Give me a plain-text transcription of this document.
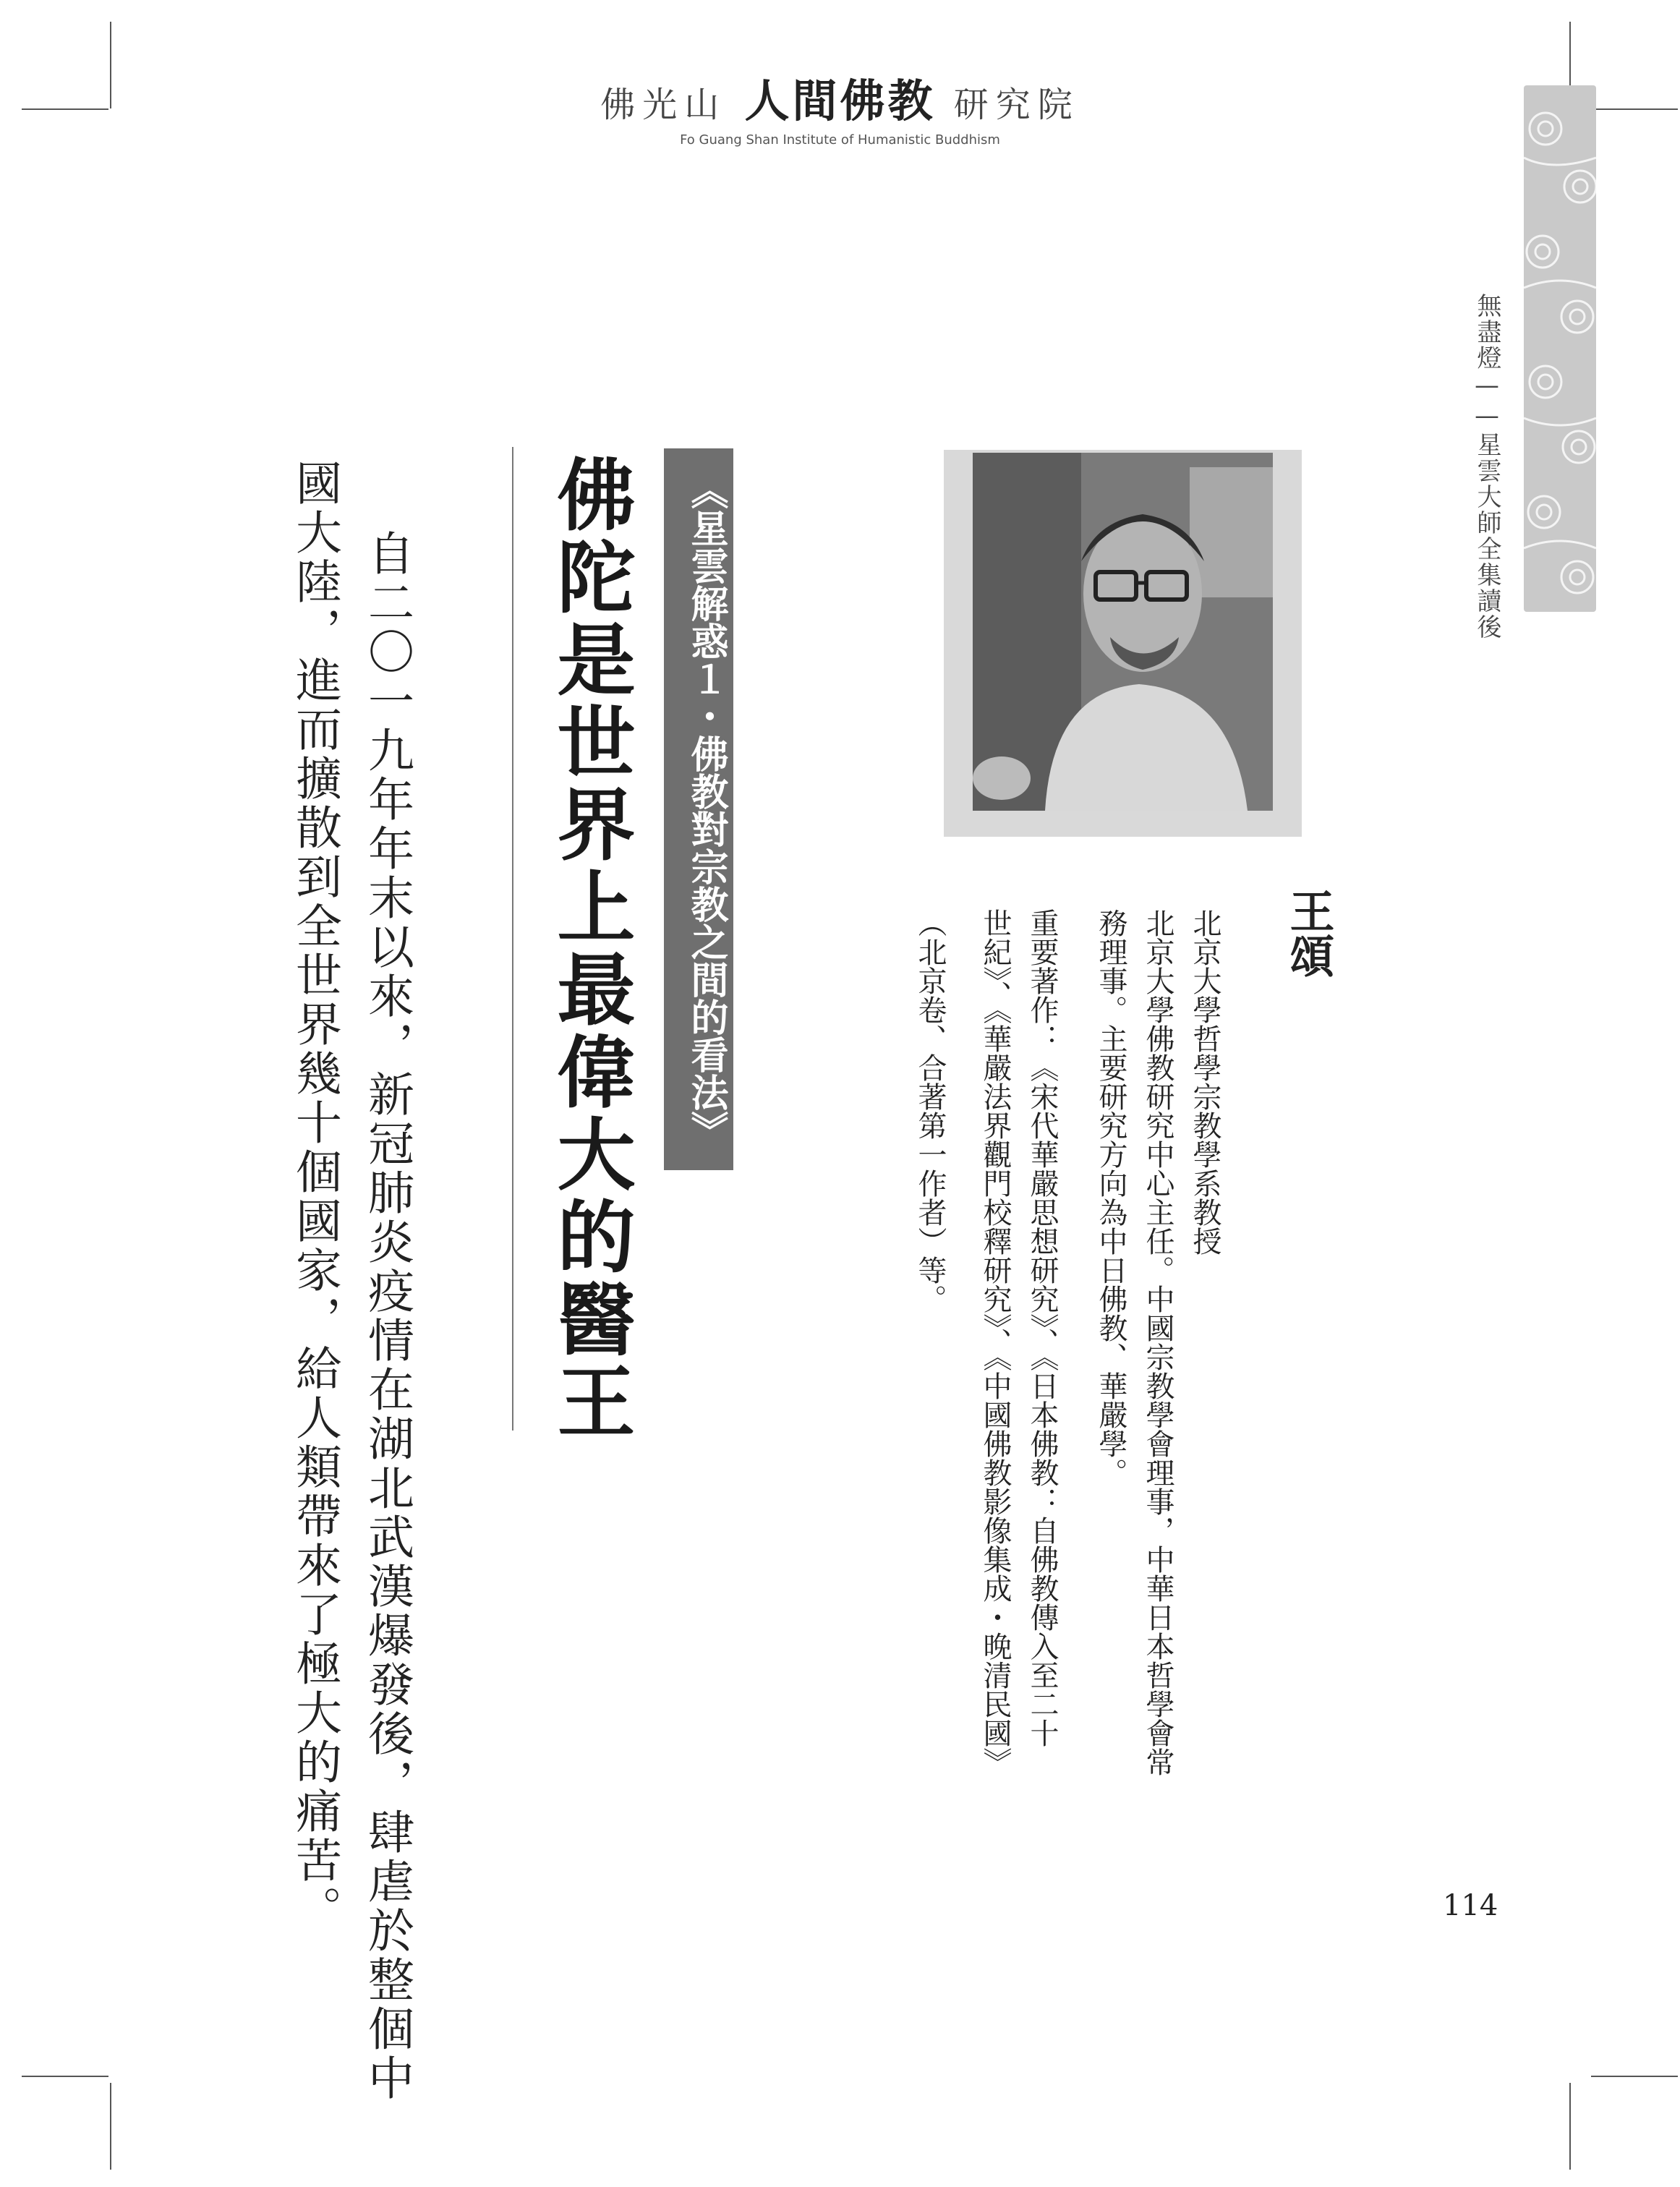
佛光山 人間佛教 研究院
Fo Guang Shan Institute of Humanistic Buddhism
無盡燈——星雲大師全集讀後
王頌
北京大學哲學宗教學系教授
北京大學佛教研究中心主任。中國宗教學會理事，中華日本哲學會常
務理事。主要研究方向為中日佛教、華嚴學。
重要著作：《宋代華嚴思想研究》、《日本佛教：自佛教傳入至二十
世紀》、《華嚴法界觀門校釋研究》、《中國佛教影像集成・晚清民國》
（北京卷、合著第一作者）等。
《星雲解惑１・佛教對宗教之間的看法》
佛陀是世界上最偉大的醫王
自二〇一九年年末以來，新冠肺炎疫情在湖北武漢爆發後，肆虐於整個中
國大陸，進而擴散到全世界幾十個國家，給人類帶來了極大的痛苦。	114
